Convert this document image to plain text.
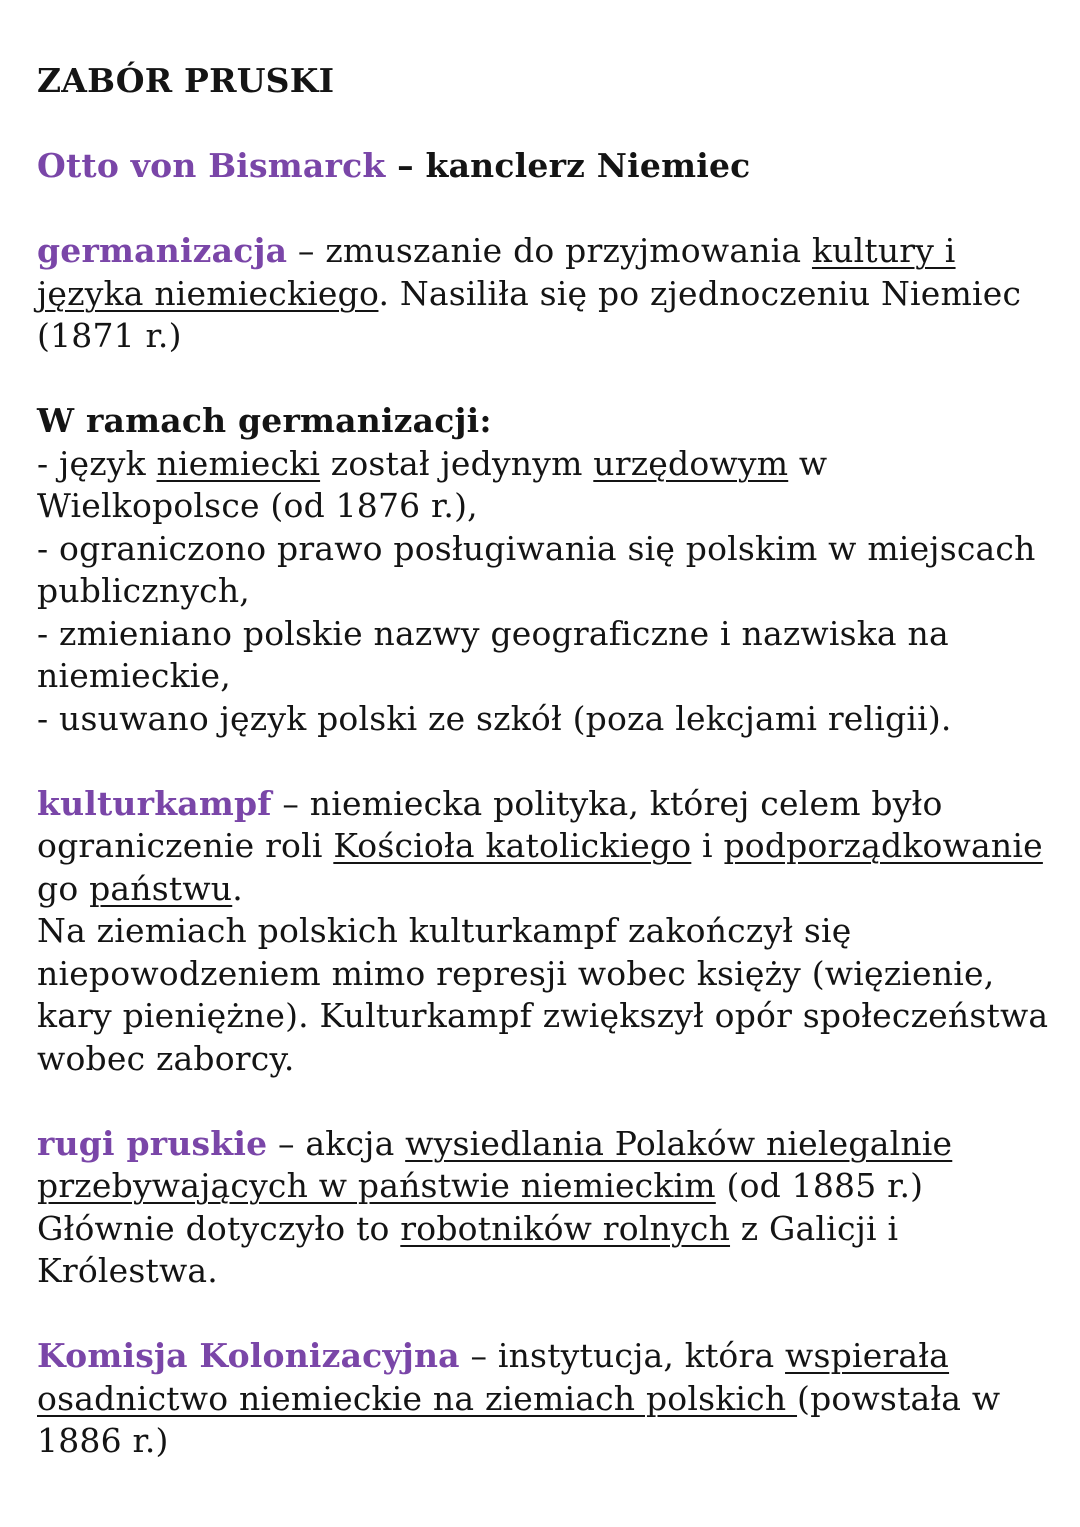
ZABÓR PRUSKI

Otto von Bismarck – kanclerz Niemiec

germanizacja – zmuszanie do przyjmowania kultury i języka niemieckiego. Nasiliła się po zjednoczeniu Niemiec (1871 r.)

W ramach germanizacji:
- język niemiecki został jedynym urzędowym w Wielkopolsce (od 1876 r.),
- ograniczono prawo posługiwania się polskim w miejscach publicznych,
- zmieniano polskie nazwy geograficzne i nazwiska na niemieckie,
- usuwano język polski ze szkół (poza lekcjami religii).

kulturkampf – niemiecka polityka, której celem było ograniczenie roli Kościoła katolickiego i podporządkowanie go państwu.

Na ziemiach polskich kulturkampf zakończył się niepowodzeniem mimo represji wobec księży (więzienie, kary pieniężne). Kulturkampf zwiększył opór społeczeństwa wobec zaborcy.

rugi pruskie – akcja wysiedlania Polaków nielegalnie przebywających w państwie niemieckim (od 1885 r.) Głównie dotyczyło to robotników rolnych z Galicji i Królestwa.

Komisja Kolonizacyjna – instytucja, która wspierała osadnictwo niemieckie na ziemiach polskich (powstała w 1886 r.)
